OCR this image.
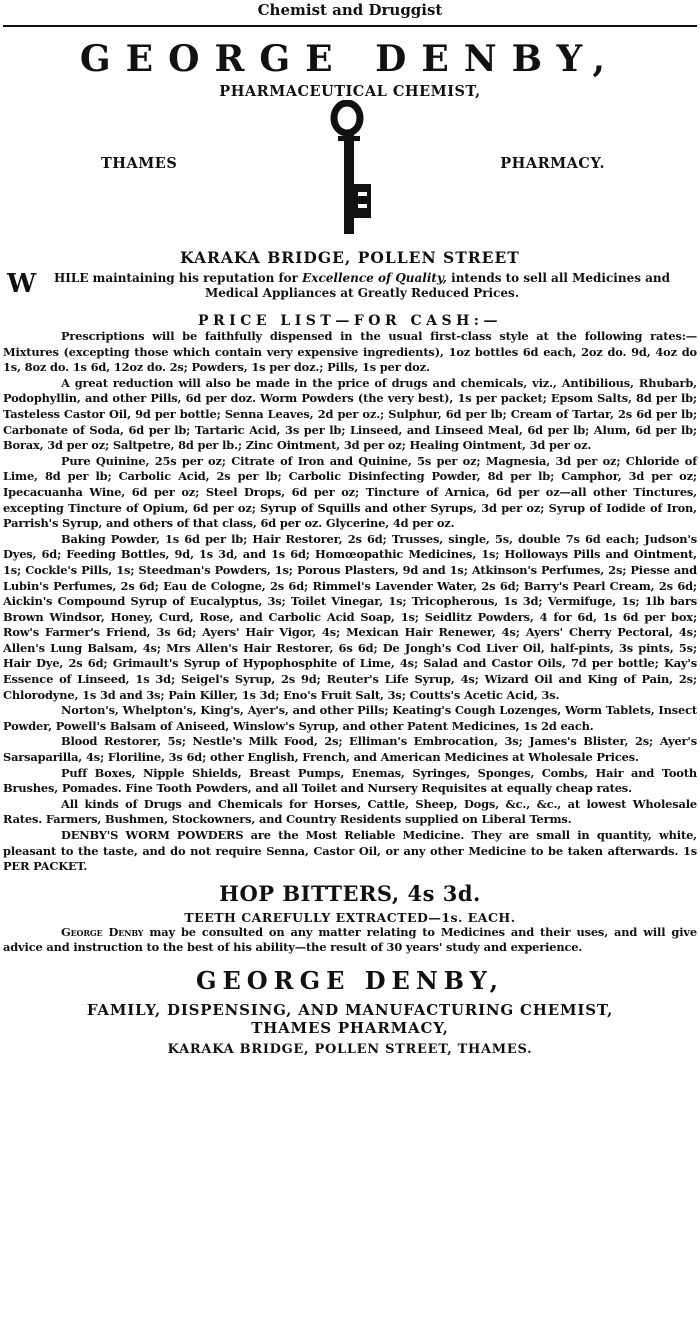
Chemist and Druggist

GEORGE DENBY,

PHARMACEUTICAL CHEMIST,

THAMES	PHARMACY.

KARAKA BRIDGE, POLLEN STREET

W	HILE maintaining his reputation for Excellence of Quality, intends to sell all Medicines and Medical Appliances at Greatly Reduced Prices.

PRICE LIST—FOR CASH:—

Prescriptions will be faithfully dispensed in the usual first-class style at the following rates:—Mixtures (excepting those which contain very expensive ingredients), 1oz bottles 6d each, 2oz do. 9d, 4oz do 1s, 8oz do. 1s 6d, 12oz do. 2s; Powders, 1s per doz.; Pills, 1s per doz.

A great reduction will also be made in the price of drugs and chemicals, viz., Antibilious, Rhubarb, Podophyllin, and other Pills, 6d per doz. Worm Powders (the very best), 1s per packet; Epsom Salts, 8d per lb; Tasteless Castor Oil, 9d per bottle; Senna Leaves, 2d per oz.; Sulphur, 6d per lb; Cream of Tartar, 2s 6d per lb; Carbonate of Soda, 6d per lb; Tartaric Acid, 3s per lb; Linseed, and Linseed Meal, 6d per lb; Alum, 6d per lb; Borax, 3d per oz; Saltpetre, 8d per lb.; Zinc Ointment, 3d per oz; Healing Ointment, 3d per oz.

Pure Quinine, 25s per oz; Citrate of Iron and Quinine, 5s per oz; Magnesia, 3d per oz; Chloride of Lime, 8d per lb; Carbolic Acid, 2s per lb; Carbolic Disinfecting Powder, 8d per lb; Camphor, 3d per oz; Ipecacuanha Wine, 6d per oz; Steel Drops, 6d per oz; Tincture of Arnica, 6d per oz—all other Tinctures, excepting Tincture of Opium, 6d per oz; Syrup of Squills and other Syrups, 3d per oz; Syrup of Iodide of Iron, Parrish's Syrup, and others of that class, 6d per oz. Glycerine, 4d per oz.

Baking Powder, 1s 6d per lb; Hair Restorer, 2s 6d; Trusses, single, 5s, double 7s 6d each; Judson's Dyes, 6d; Feeding Bottles, 9d, 1s 3d, and 1s 6d; Homœopathic Medicines, 1s; Holloways Pills and Ointment, 1s; Cockle's Pills, 1s; Steedman's Powders, 1s; Porous Plasters, 9d and 1s; Atkinson's Perfumes, 2s; Piesse and Lubin's Perfumes, 2s 6d; Eau de Cologne, 2s 6d; Rimmel's Lavender Water, 2s 6d; Barry's Pearl Cream, 2s 6d; Aickin's Compound Syrup of Eucalyptus, 3s; Toilet Vinegar, 1s; Tricopherous, 1s 3d; Vermifuge, 1s; 1lb bars Brown Windsor, Honey, Curd, Rose, and Carbolic Acid Soap, 1s; Seidlitz Powders, 4 for 6d, 1s 6d per box; Row's Farmer's Friend, 3s 6d; Ayers' Hair Vigor, 4s; Mexican Hair Renewer, 4s; Ayers' Cherry Pectoral, 4s; Allen's Lung Balsam, 4s; Mrs Allen's Hair Restorer, 6s 6d; De Jongh's Cod Liver Oil, half-pints, 3s pints, 5s; Hair Dye, 2s 6d; Grimault's Syrup of Hypophosphite of Lime, 4s; Salad and Castor Oils, 7d per bottle; Kay's Essence of Linseed, 1s 3d; Seigel's Syrup, 2s 9d; Reuter's Life Syrup, 4s; Wizard Oil and King of Pain, 2s; Chlorodyne, 1s 3d and 3s; Pain Killer, 1s 3d; Eno's Fruit Salt, 3s; Coutts's Acetic Acid, 3s.

Norton's, Whelpton's, King's, Ayer's, and other Pills; Keating's Cough Lozenges, Worm Tablets, Insect Powder, Powell's Balsam of Aniseed, Winslow's Syrup, and other Patent Medicines, 1s 2d each.

Blood Restorer, 5s; Nestle's Milk Food, 2s; Elliman's Embrocation, 3s; James's Blister, 2s; Ayer's Sarsaparilla, 4s; Floriline, 3s 6d; other English, French, and American Medicines at Wholesale Prices.

Puff Boxes, Nipple Shields, Breast Pumps, Enemas, Syringes, Sponges, Combs, Hair and Tooth Brushes, Pomades. Fine Tooth Powders, and all Toilet and Nursery Requisites at equally cheap rates.

All kinds of Drugs and Chemicals for Horses, Cattle, Sheep, Dogs, &c., &c., at lowest Wholesale Rates. Farmers, Bushmen, Stockowners, and Country Residents supplied on Liberal Terms.

DENBY'S WORM POWDERS are the Most Reliable Medicine. They are small in quantity, white, pleasant to the taste, and do not require Senna, Castor Oil, or any other Medicine to be taken afterwards. 1s PER PACKET.

HOP BITTERS, 4s 3d.

TEETH CAREFULLY EXTRACTED—1s. EACH.

George Denby may be consulted on any matter relating to Medicines and their uses, and will give advice and instruction to the best of his ability—the result of 30 years' study and experience.

GEORGE DENBY,

FAMILY, DISPENSING, AND MANUFACTURING CHEMIST,

THAMES PHARMACY,

KARAKA BRIDGE, POLLEN STREET, THAMES.
